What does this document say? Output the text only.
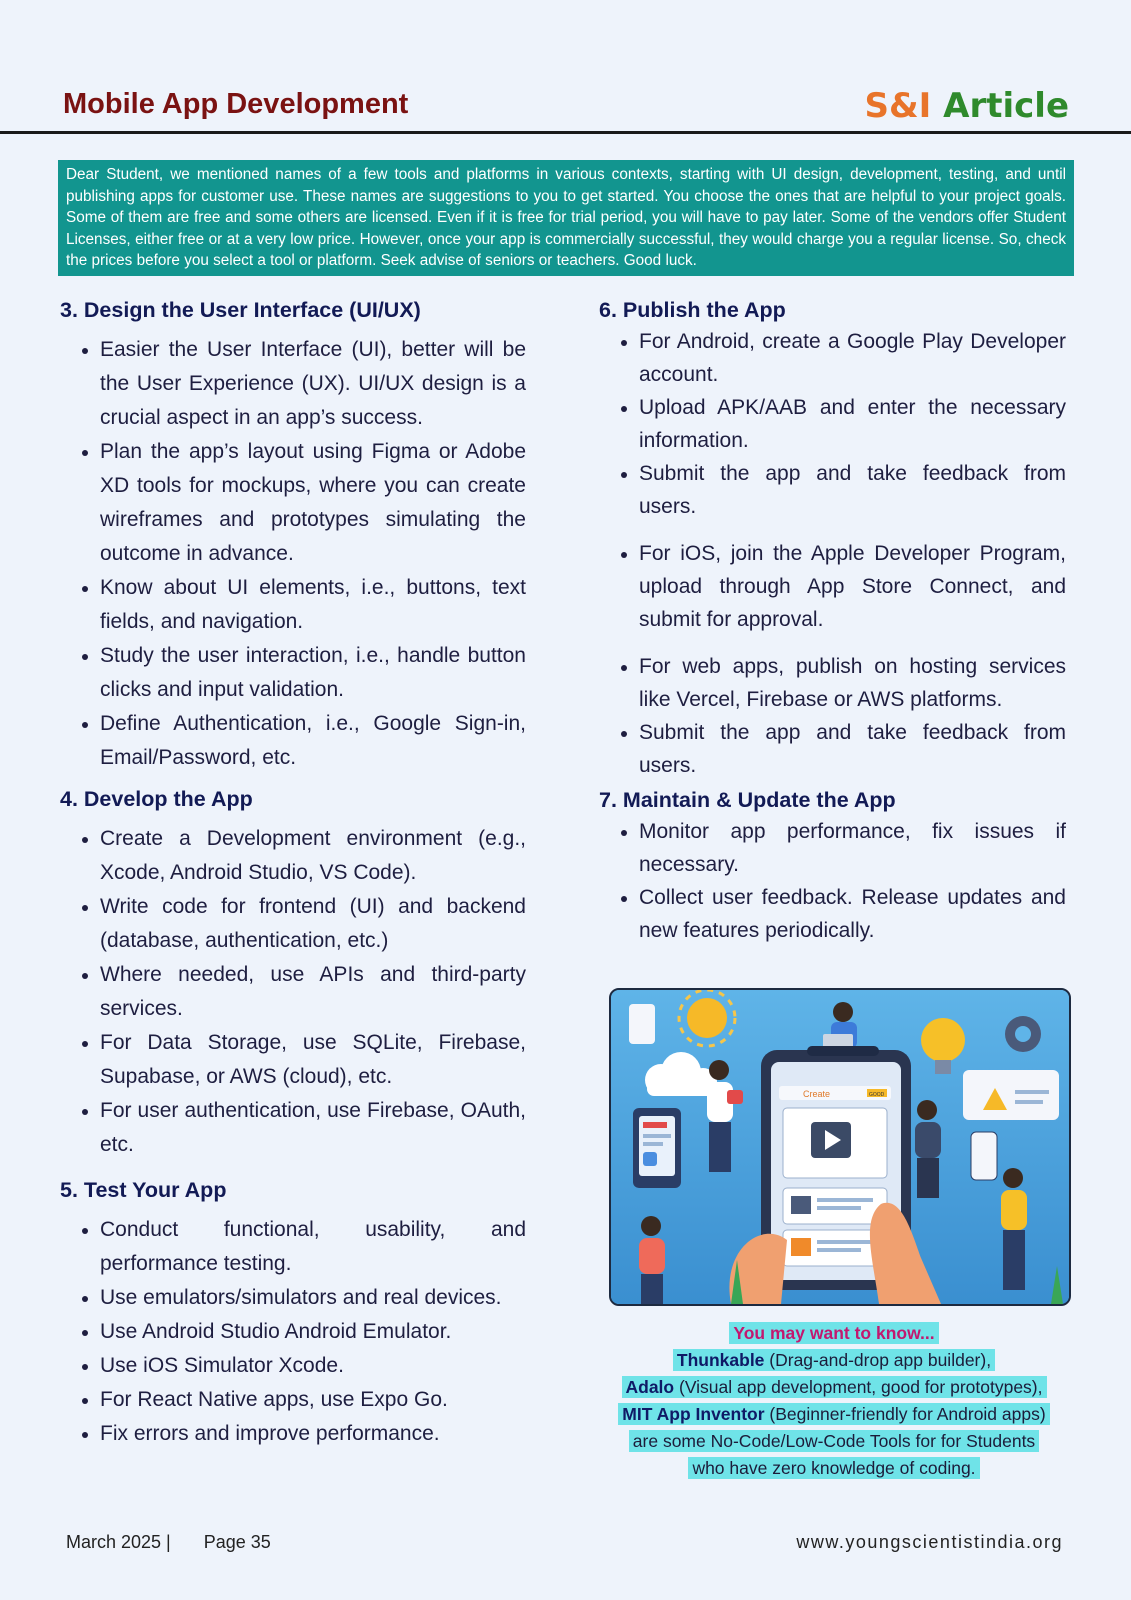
Mobile App Development	S&I Article
Dear Student, we mentioned names of a few tools and platforms in various contexts, starting with UI design, development, testing, and until publishing apps for customer use. These names are suggestions to you to get started. You choose the ones that are helpful to your project goals. Some of them are free and some others are licensed. Even if it is free for trial period, you will have to pay later. Some of the vendors offer Student Licenses, either free or at a very low price. However, once your app is commercially successful, they would charge you a regular license. So, check the prices before you select a tool or platform. Seek advise of seniors or teachers. Good luck.
3. Design the User Interface (UI/UX)
Easier the User Interface (UI), better will be the User Experience (UX). UI/UX design is a crucial aspect in an app’s success.
Plan the app’s layout using Figma or Adobe XD tools for mockups, where you can create wireframes and prototypes simulating the outcome in advance.
Know about UI elements, i.e., buttons, text fields, and navigation.
Study the user interaction, i.e., handle button clicks and input validation.
Define Authentication, i.e., Google Sign-in, Email/Password, etc.
4. Develop the App
Create a Development environment (e.g., Xcode, Android Studio, VS Code).
Write code for frontend (UI) and backend (database, authentication, etc.)
Where needed, use APIs and third-party services.
For Data Storage, use SQLite, Firebase, Supabase, or AWS (cloud), etc.
For user authentication, use Firebase, OAuth, etc.
5. Test Your App
Conduct functional, usability, and performance testing.
Use emulators/simulators and real devices.
Use Android Studio Android Emulator.
Use iOS Simulator Xcode.
For React Native apps, use Expo Go.
Fix errors and improve performance.
6. Publish the App
For Android, create a Google Play Developer account.
Upload APK/AAB and enter the necessary information.
Submit the app and take feedback from users.
For iOS, join the Apple Developer Program, upload through App Store Connect, and submit for approval.
For web apps, publish on hosting services like Vercel, Firebase or AWS platforms.
Submit the app and take feedback from users.
7. Maintain & Update the App
Monitor app performance, fix issues if necessary.
Collect user feedback. Release updates and new features periodically.
Create	GOOD
You may want to know...
Thunkable (Drag-and-drop app builder),
Adalo (Visual app development, good for prototypes),
MIT App Inventor (Beginner-friendly for Android apps)
are some No-Code/Low-Code Tools for for Students
who have zero knowledge of coding.
March 2025 | Page 35	www.youngscientistindia.org
